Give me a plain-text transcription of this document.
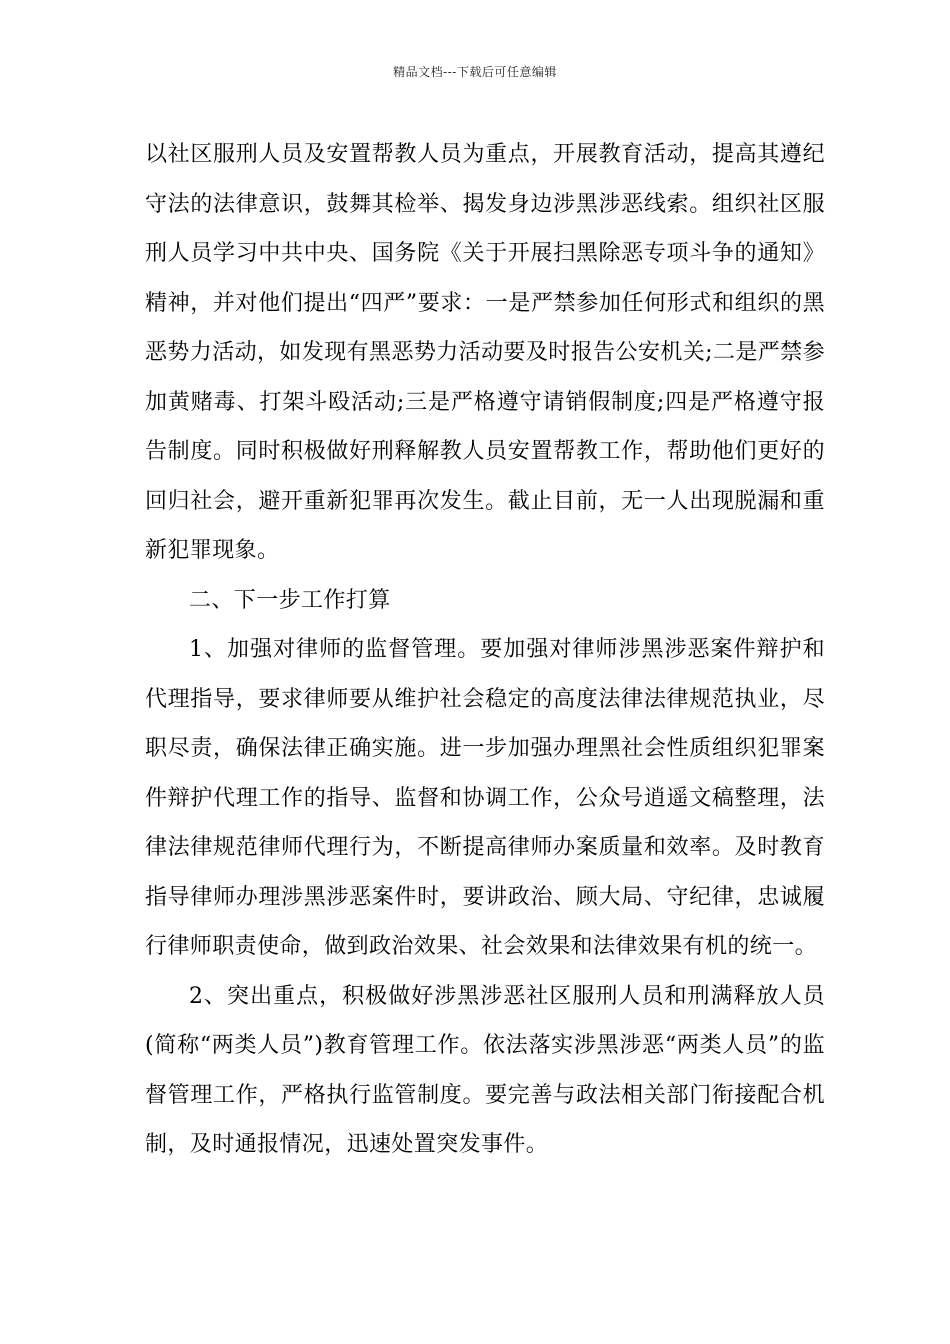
精品文档---下载后可任意编辑

以社区服刑人员及安置帮教人员为重点，开展教育活动，提高其遵纪守法的法律意识，鼓舞其检举、揭发身边涉黑涉恶线索。组织社区服刑人员学习中共中央、国务院《关于开展扫黑除恶专项斗争的通知》精神，并对他们提出“四严”要求：一是严禁参加任何形式和组织的黑恶势力活动，如发现有黑恶势力活动要及时报告公安机关;二是严禁参加黄赌毒、打架斗殴活动;三是严格遵守请销假制度;四是严格遵守报告制度。同时积极做好刑释解教人员安置帮教工作，帮助他们更好的回归社会，避开重新犯罪再次发生。截止目前，无一人出现脱漏和重新犯罪现象。

二、下一步工作打算

1、加强对律师的监督管理。要加强对律师涉黑涉恶案件辩护和代理指导，要求律师要从维护社会稳定的高度法律法律规范执业，尽职尽责，确保法律正确实施。进一步加强办理黑社会性质组织犯罪案件辩护代理工作的指导、监督和协调工作，公众号逍遥文稿整理，法律法律规范律师代理行为，不断提高律师办案质量和效率。及时教育指导律师办理涉黑涉恶案件时，要讲政治、顾大局、守纪律，忠诚履行律师职责使命，做到政治效果、社会效果和法律效果有机的统一。

2、突出重点，积极做好涉黑涉恶社区服刑人员和刑满释放人员(简称“两类人员”)教育管理工作。依法落实涉黑涉恶“两类人员”的监督管理工作，严格执行监管制度。要完善与政法相关部门衔接配合机制，及时通报情况，迅速处置突发事件。
